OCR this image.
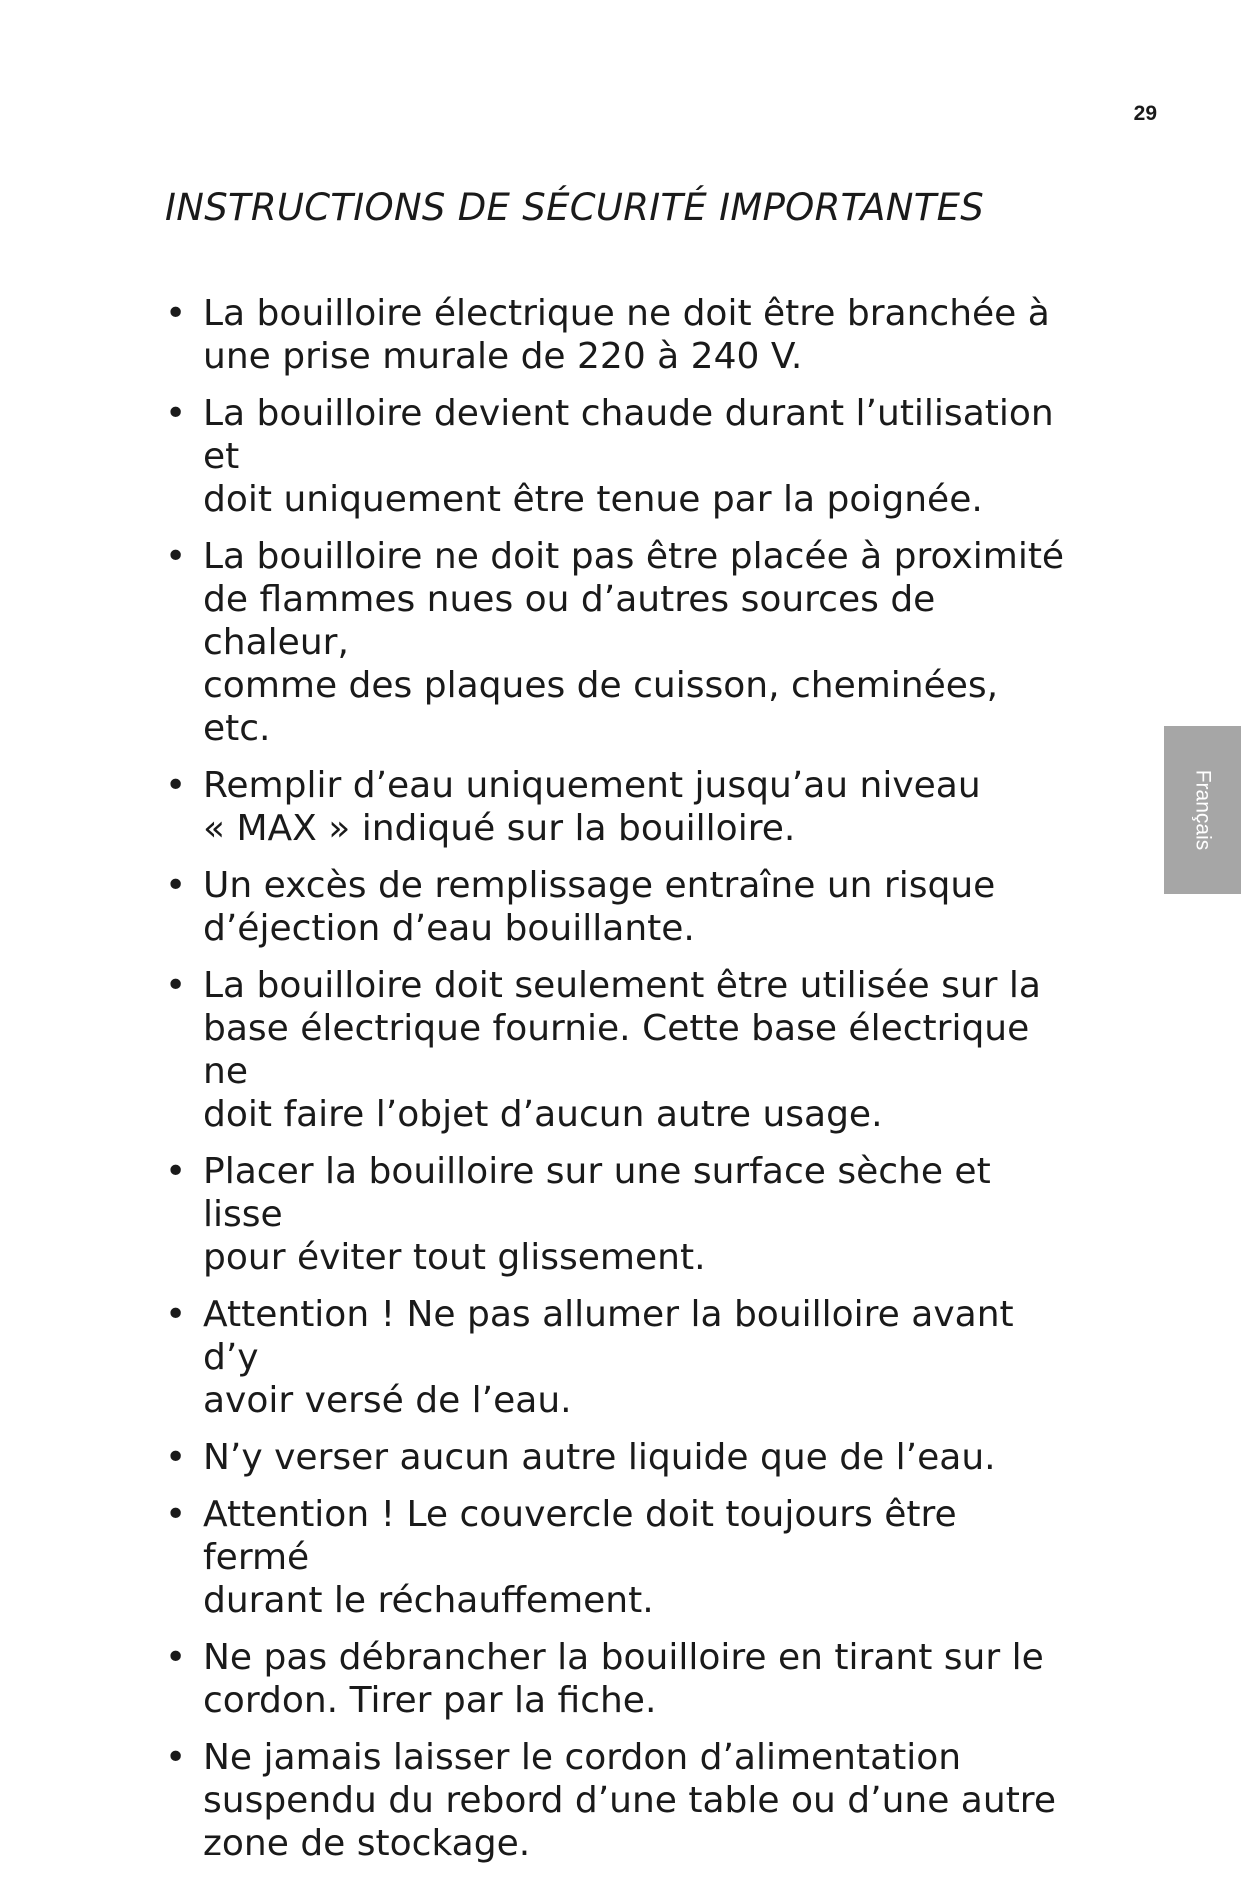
29
INSTRUCTIONS DE SÉCURITÉ IMPORTANTES
• La bouilloire électrique ne doit être branchée à
une prise murale de 220 à 240 V.
• La bouilloire devient chaude durant l’utilisation et
doit uniquement être tenue par la poignée.
• La bouilloire ne doit pas être placée à proximité
de flammes nues ou d’autres sources de chaleur,
comme des plaques de cuisson, cheminées, etc.
• Remplir d’eau uniquement jusqu’au niveau
« MAX » indiqué sur la bouilloire.
• Un excès de remplissage entraîne un risque
d’éjection d’eau bouillante.
• La bouilloire doit seulement être utilisée sur la
base électrique fournie. Cette base électrique ne
doit faire l’objet d’aucun autre usage.
• Placer la bouilloire sur une surface sèche et lisse
pour éviter tout glissement.
• Attention ! Ne pas allumer la bouilloire avant d’y
avoir versé de l’eau.
• N’y verser aucun autre liquide que de l’eau.
• Attention ! Le couvercle doit toujours être fermé
durant le réchauffement.
• Ne pas débrancher la bouilloire en tirant sur le
cordon. Tirer par la fiche.
• Ne jamais laisser le cordon d’alimentation
suspendu du rebord d’une table ou d’une autre
zone de stockage.
Français
